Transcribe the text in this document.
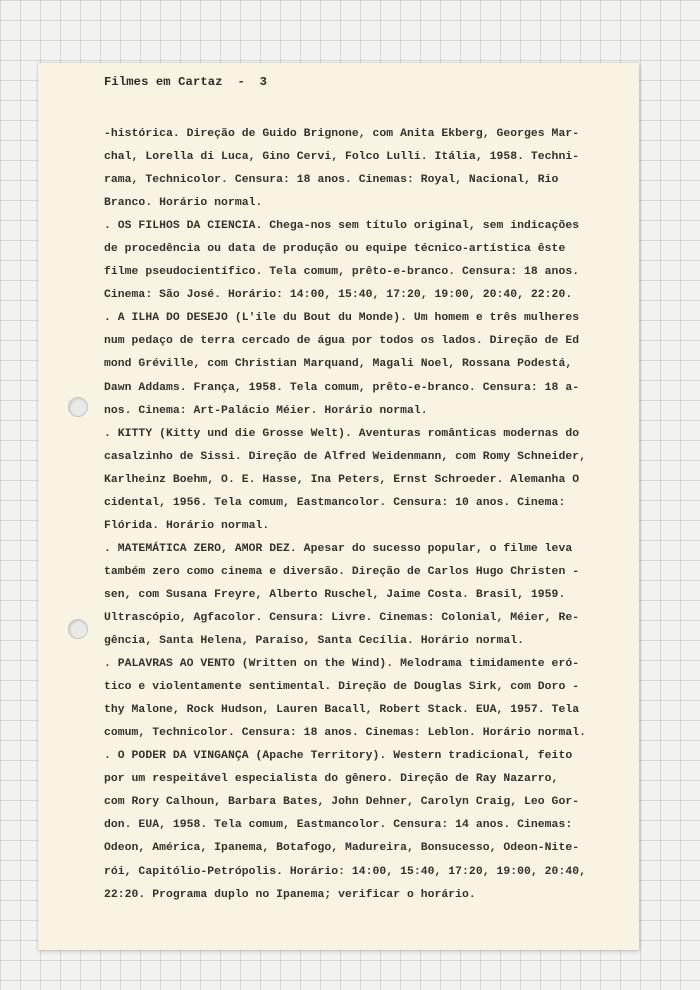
Filmes em Cartaz  -  3

-histórica. Direção de Guido Brignone, com Anita Ekberg, Georges Mar-
chal, Lorella di Luca, Gino Cervi, Folco Lulli. Itália, 1958. Techni-
rama, Technicolor. Censura: 18 anos. Cinemas: Royal, Nacional, Rio
Branco. Horário normal.
. OS FILHOS DA CIENCIA. Chega-nos sem título original, sem indicações
de procedência ou data de produção ou equipe técnico-artística êste
filme pseudocientífico. Tela comum, prêto-e-branco. Censura: 18 anos.
Cinema: São José. Horário: 14:00, 15:40, 17:20, 19:00, 20:40, 22:20.
. A ILHA DO DESEJO (L'ile du Bout du Monde). Um homem e três mulheres
num pedaço de terra cercado de água por todos os lados. Direção de Ed
mond Gréville, com Christian Marquand, Magali Noel, Rossana Podestá,
Dawn Addams. França, 1958. Tela comum, prêto-e-branco. Censura: 18 a-
nos. Cinema: Art-Palácio Méier. Horário normal.
. KITTY (Kitty und die Grosse Welt). Aventuras românticas modernas do
casalzinho de Sissi. Direção de Alfred Weidenmann, com Romy Schneider,
Karlheinz Boehm, O. E. Hasse, Ina Peters, Ernst Schroeder. Alemanha O
cidental, 1956. Tela comum, Eastmancolor. Censura: 10 anos. Cinema:
Flórida. Horário normal.
. MATEMÁTICA ZERO, AMOR DEZ. Apesar do sucesso popular, o filme leva
também zero como cinema e diversão. Direção de Carlos Hugo Christen -
sen, com Susana Freyre, Alberto Ruschel, Jaime Costa. Brasil, 1959.
Ultrascópio, Agfacolor. Censura: Livre. Cinemas: Colonial, Méier, Re-
gência, Santa Helena, Paraíso, Santa Cecília. Horário normal.
. PALAVRAS AO VENTO (Written on the Wind). Melodrama timidamente eró-
tico e violentamente sentimental. Direção de Douglas Sirk, com Doro -
thy Malone, Rock Hudson, Lauren Bacall, Robert Stack. EUA, 1957. Tela
comum, Technicolor. Censura: 18 anos. Cinemas: Leblon. Horário normal.
. O PODER DA VINGANÇA (Apache Territory). Western tradicional, feito
por um respeitável especialista do gênero. Direção de Ray Nazarro,
com Rory Calhoun, Barbara Bates, John Dehner, Carolyn Craig, Leo Gor-
don. EUA, 1958. Tela comum, Eastmancolor. Censura: 14 anos. Cinemas:
Odeon, América, Ipanema, Botafogo, Madureira, Bonsucesso, Odeon-Nite-
rói, Capitólio-Petrópolis. Horário: 14:00, 15:40, 17:20, 19:00, 20:40,
22:20. Programa duplo no Ipanema; verificar o horário.
